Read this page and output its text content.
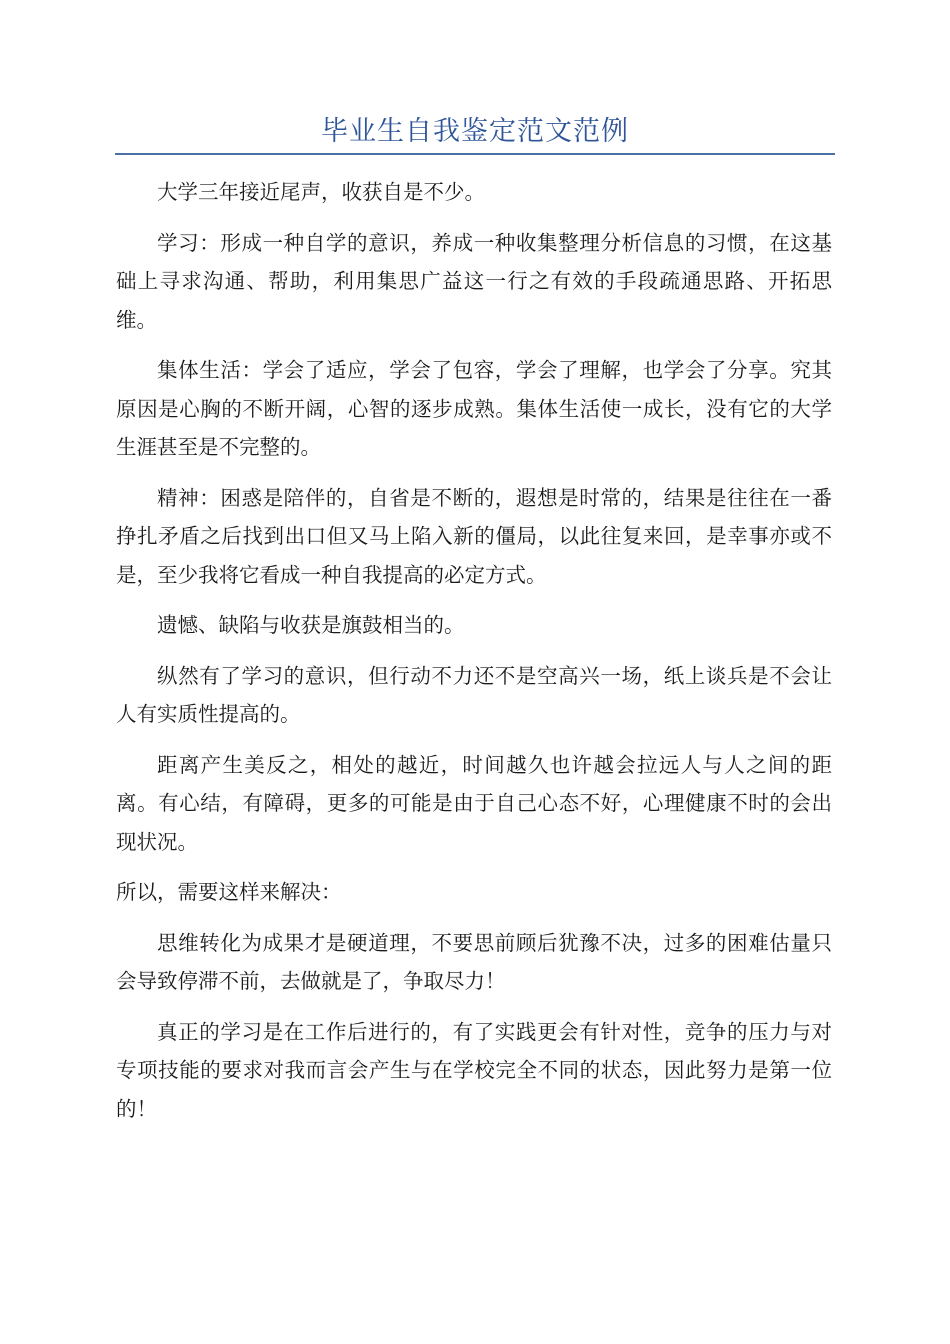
毕业生自我鉴定范文范例

大学三年接近尾声，收获自是不少。

学习：形成一种自学的意识，养成一种收集整理分析信息的习惯，在这基础上寻求沟通、帮助，利用集思广益这一行之有效的手段疏通思路、开拓思维。

集体生活：学会了适应，学会了包容，学会了理解，也学会了分享。究其原因是心胸的不断开阔，心智的逐步成熟。集体生活使一成长，没有它的大学生涯甚至是不完整的。

精神：困惑是陪伴的，自省是不断的，遐想是时常的，结果是往往在一番挣扎矛盾之后找到出口但又马上陷入新的僵局，以此往复来回，是幸事亦或不是，至少我将它看成一种自我提高的必定方式。

遗憾、缺陷与收获是旗鼓相当的。

纵然有了学习的意识，但行动不力还不是空高兴一场，纸上谈兵是不会让人有实质性提高的。

距离产生美反之，相处的越近，时间越久也许越会拉远人与人之间的距离。有心结，有障碍，更多的可能是由于自己心态不好，心理健康不时的会出现状况。

所以，需要这样来解决：

思维转化为成果才是硬道理，不要思前顾后犹豫不决，过多的困难估量只会导致停滞不前，去做就是了，争取尽力！

真正的学习是在工作后进行的，有了实践更会有针对性，竞争的压力与对专项技能的要求对我而言会产生与在学校完全不同的状态，因此努力是第一位的！
